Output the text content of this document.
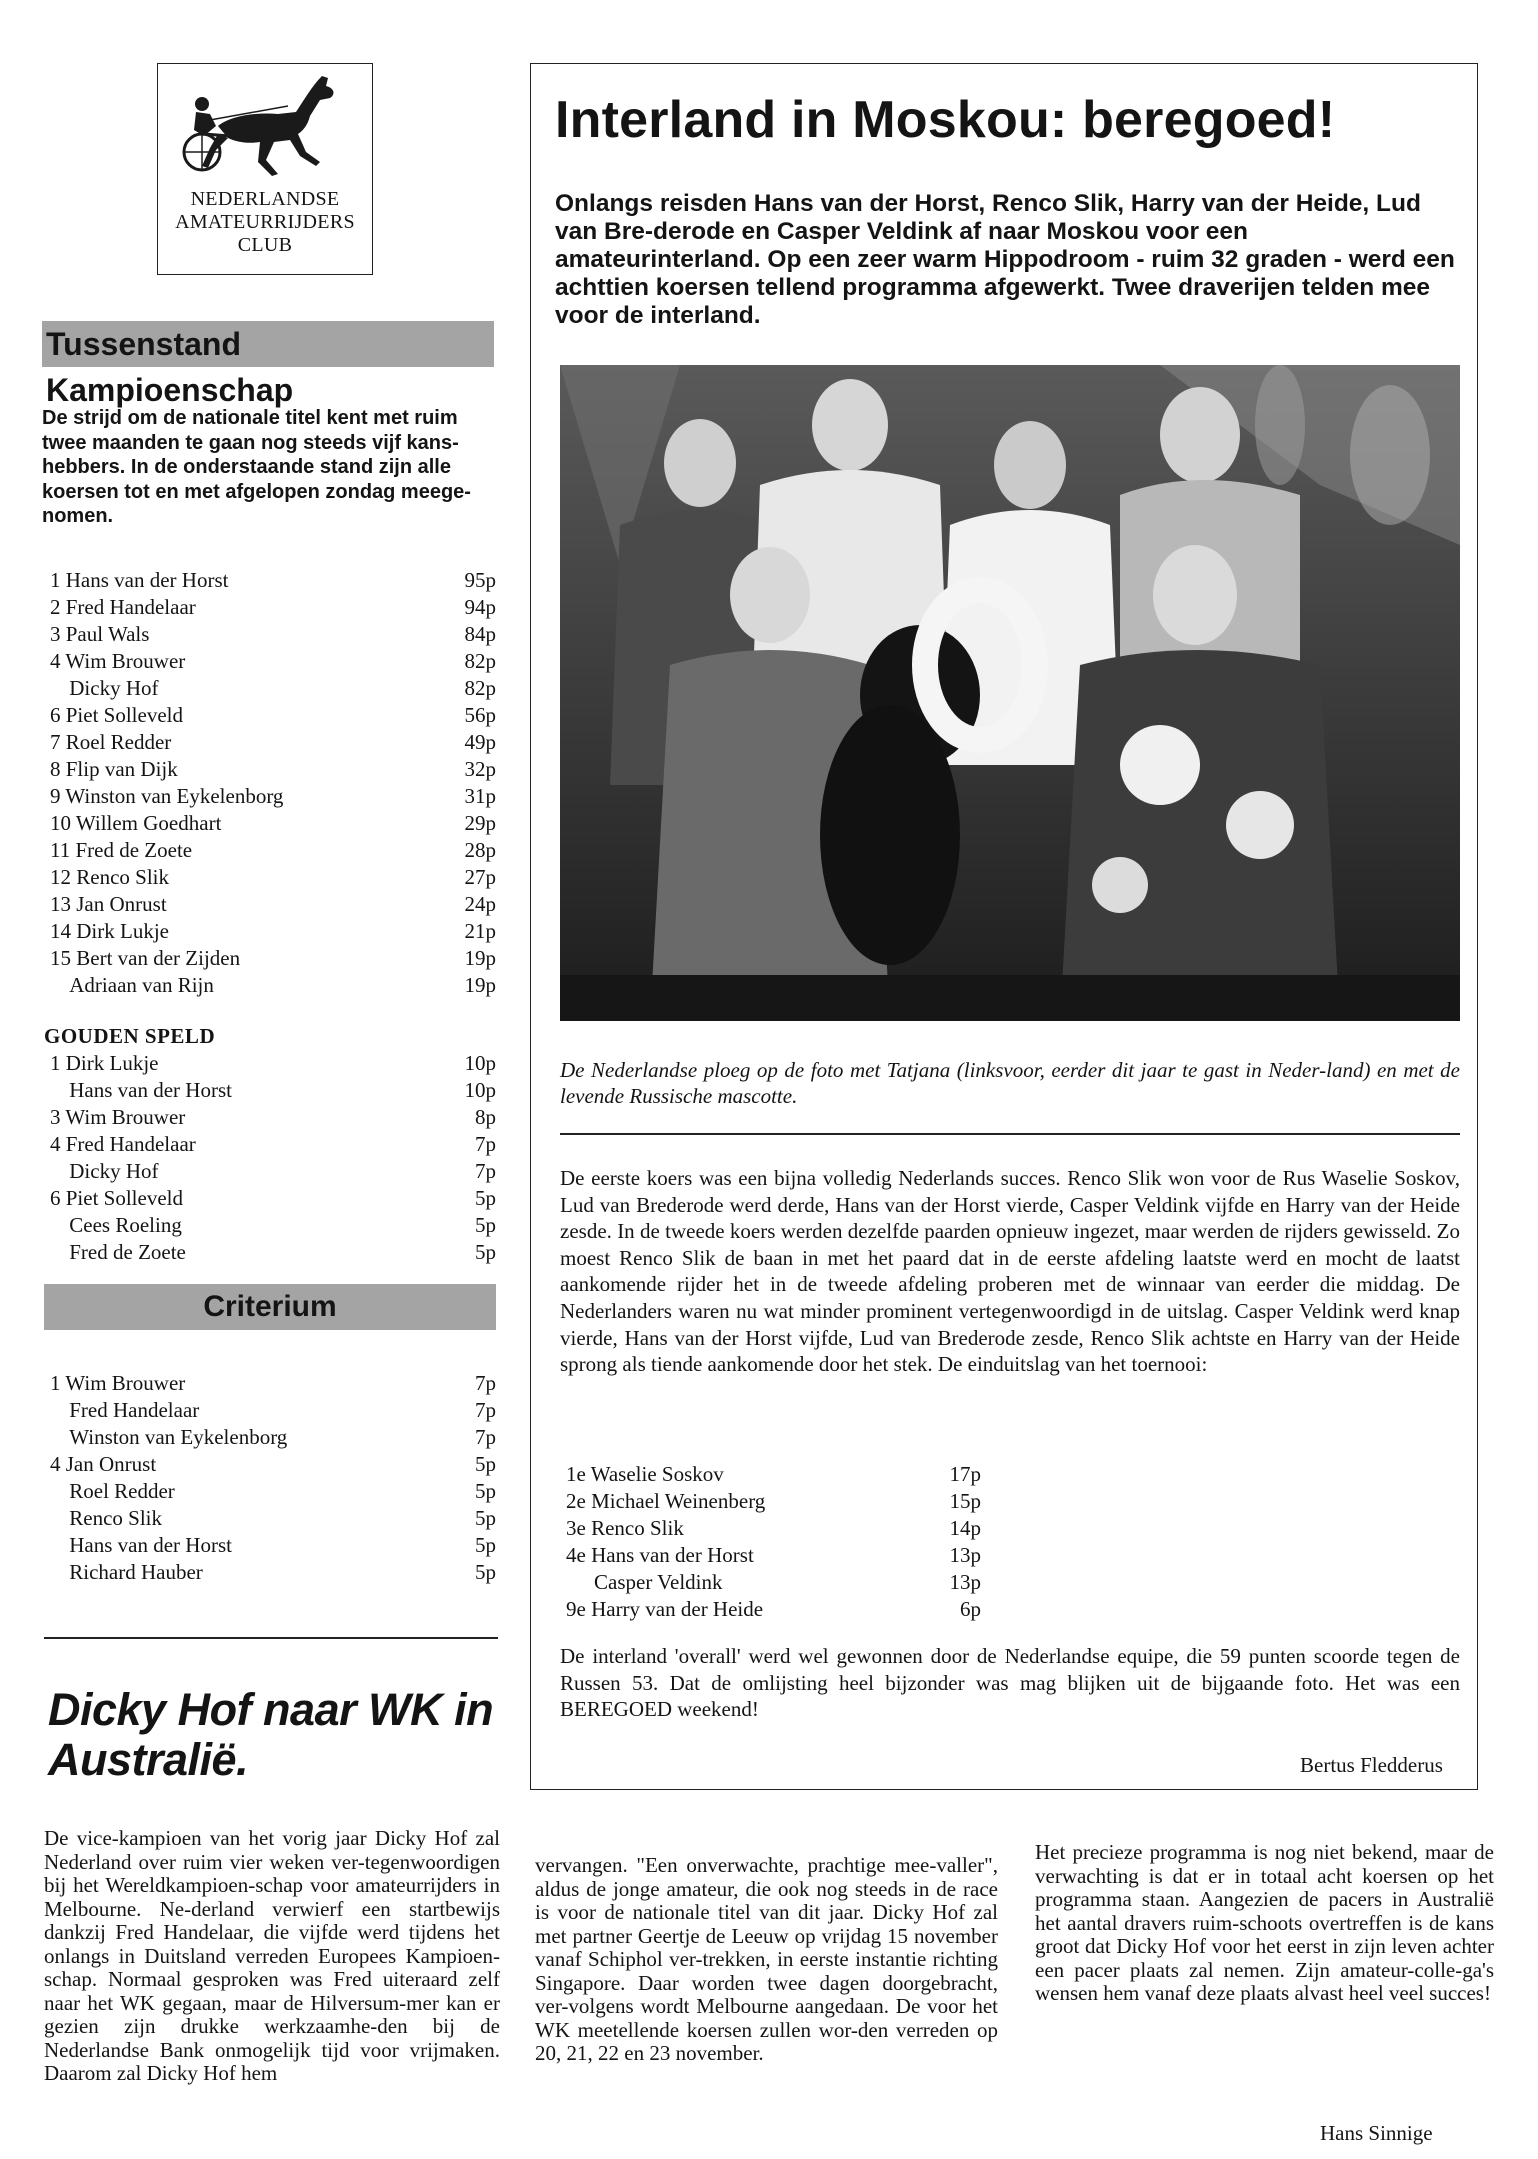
NEDERLANDSE
AMATEURRIJDERS
CLUB
Tussenstand Kampioenschap
De strijd om de nationale titel kent met ruim twee maanden te gaan nog steeds vijf kans-hebbers. In de onderstaande stand zijn alle koersen tot en met afgelopen zondag meege-nomen.
1 Hans van der Horst	95p
2 Fred Handelaar	94p
3 Paul Wals	84p
4 Wim Brouwer	82p
Dicky Hof	82p
6 Piet Solleveld	56p
7 Roel Redder	49p
8 Flip van Dijk	32p
9 Winston van Eykelenborg	31p
10 Willem Goedhart	29p
11 Fred de Zoete	28p
12 Renco Slik	27p
13 Jan Onrust	24p
14 Dirk Lukje	21p
15 Bert van der Zijden	19p
Adriaan van Rijn	19p
GOUDEN SPELD
1 Dirk Lukje	10p
Hans van der Horst	10p
3 Wim Brouwer	8p
4 Fred Handelaar	7p
Dicky Hof	7p
6 Piet Solleveld	5p
Cees Roeling	5p
Fred de Zoete	5p
Criterium
1 Wim Brouwer	7p
Fred Handelaar	7p
Winston van Eykelenborg	7p
4 Jan Onrust	5p
Roel Redder	5p
Renco Slik	5p
Hans van der Horst	5p
Richard Hauber	5p
Dicky Hof naar WK in Australië.
De vice-kampioen van het vorig jaar Dicky Hof zal Nederland over ruim vier weken ver-tegenwoordigen bij het Wereldkampioen-schap voor amateurrijders in Melbourne. Ne-derland verwierf een startbewijs dankzij Fred Handelaar, die vijfde werd tijdens het onlangs in Duitsland verreden Europees Kampioen-schap. Normaal gesproken was Fred uiteraard zelf naar het WK gegaan, maar de Hilversum-mer kan er gezien zijn drukke werkzaamhe-den bij de Nederlandse Bank onmogelijk tijd voor vrijmaken. Daarom zal Dicky Hof hem
vervangen. "Een onverwachte, prachtige mee-valler", aldus de jonge amateur, die ook nog steeds in de race is voor de nationale titel van dit jaar. Dicky Hof zal met partner Geertje de Leeuw op vrijdag 15 november vanaf Schiphol ver-trekken, in eerste instantie richting Singapore. Daar worden twee dagen doorgebracht, ver-volgens wordt Melbourne aangedaan. De voor het WK meetellende koersen zullen wor-den verreden op 20, 21, 22 en 23 november.
Het precieze programma is nog niet bekend, maar de verwachting is dat er in totaal acht koersen op het programma staan. Aangezien de pacers in Australië het aantal dravers ruim-schoots overtreffen is de kans groot dat Dicky Hof voor het eerst in zijn leven achter een pacer plaats zal nemen. Zijn amateur-colle-ga's wensen hem vanaf deze plaats alvast heel veel succes!
Hans Sinnige
Interland in Moskou: beregoed!
Onlangs reisden Hans van der Horst, Renco Slik, Harry van der Heide, Lud van Bre-derode en Casper Veldink af naar Moskou voor een amateurinterland. Op een zeer warm Hippodroom - ruim 32 graden - werd een achttien koersen tellend programma afgewerkt. Twee draverijen telden mee voor de interland.
De Nederlandse ploeg op de foto met Tatjana (linksvoor, eerder dit jaar te gast in Neder-land) en met de levende Russische mascotte.
De eerste koers was een bijna volledig Nederlands succes. Renco Slik won voor de Rus Waselie Soskov, Lud van Brederode werd derde, Hans van der Horst vierde, Casper Veldink vijfde en Harry van der Heide zesde. In de tweede koers werden dezelfde paarden opnieuw ingezet, maar werden de rijders gewisseld. Zo moest Renco Slik de baan in met het paard dat in de eerste afdeling laatste werd en mocht de laatst aankomende rijder het in de tweede afdeling proberen met de winnaar van eerder die middag. De Nederlanders waren nu wat minder prominent vertegenwoordigd in de uitslag. Casper Veldink werd knap vierde, Hans van der Horst vijfde, Lud van Brederode zesde, Renco Slik achtste en Harry van der Heide sprong als tiende aankomende door het stek. De einduitslag van het toernooi:
1e Waselie Soskov	17p
2e Michael Weinenberg	15p
3e Renco Slik	14p
4e Hans van der Horst	13p
Casper Veldink	13p
9e Harry van der Heide	6p
De interland 'overall' werd wel gewonnen door de Nederlandse equipe, die 59 punten scoorde tegen de Russen 53. Dat de omlijsting heel bijzonder was mag blijken uit de bijgaande foto. Het was een BEREGOED weekend!
Bertus Fledderus
